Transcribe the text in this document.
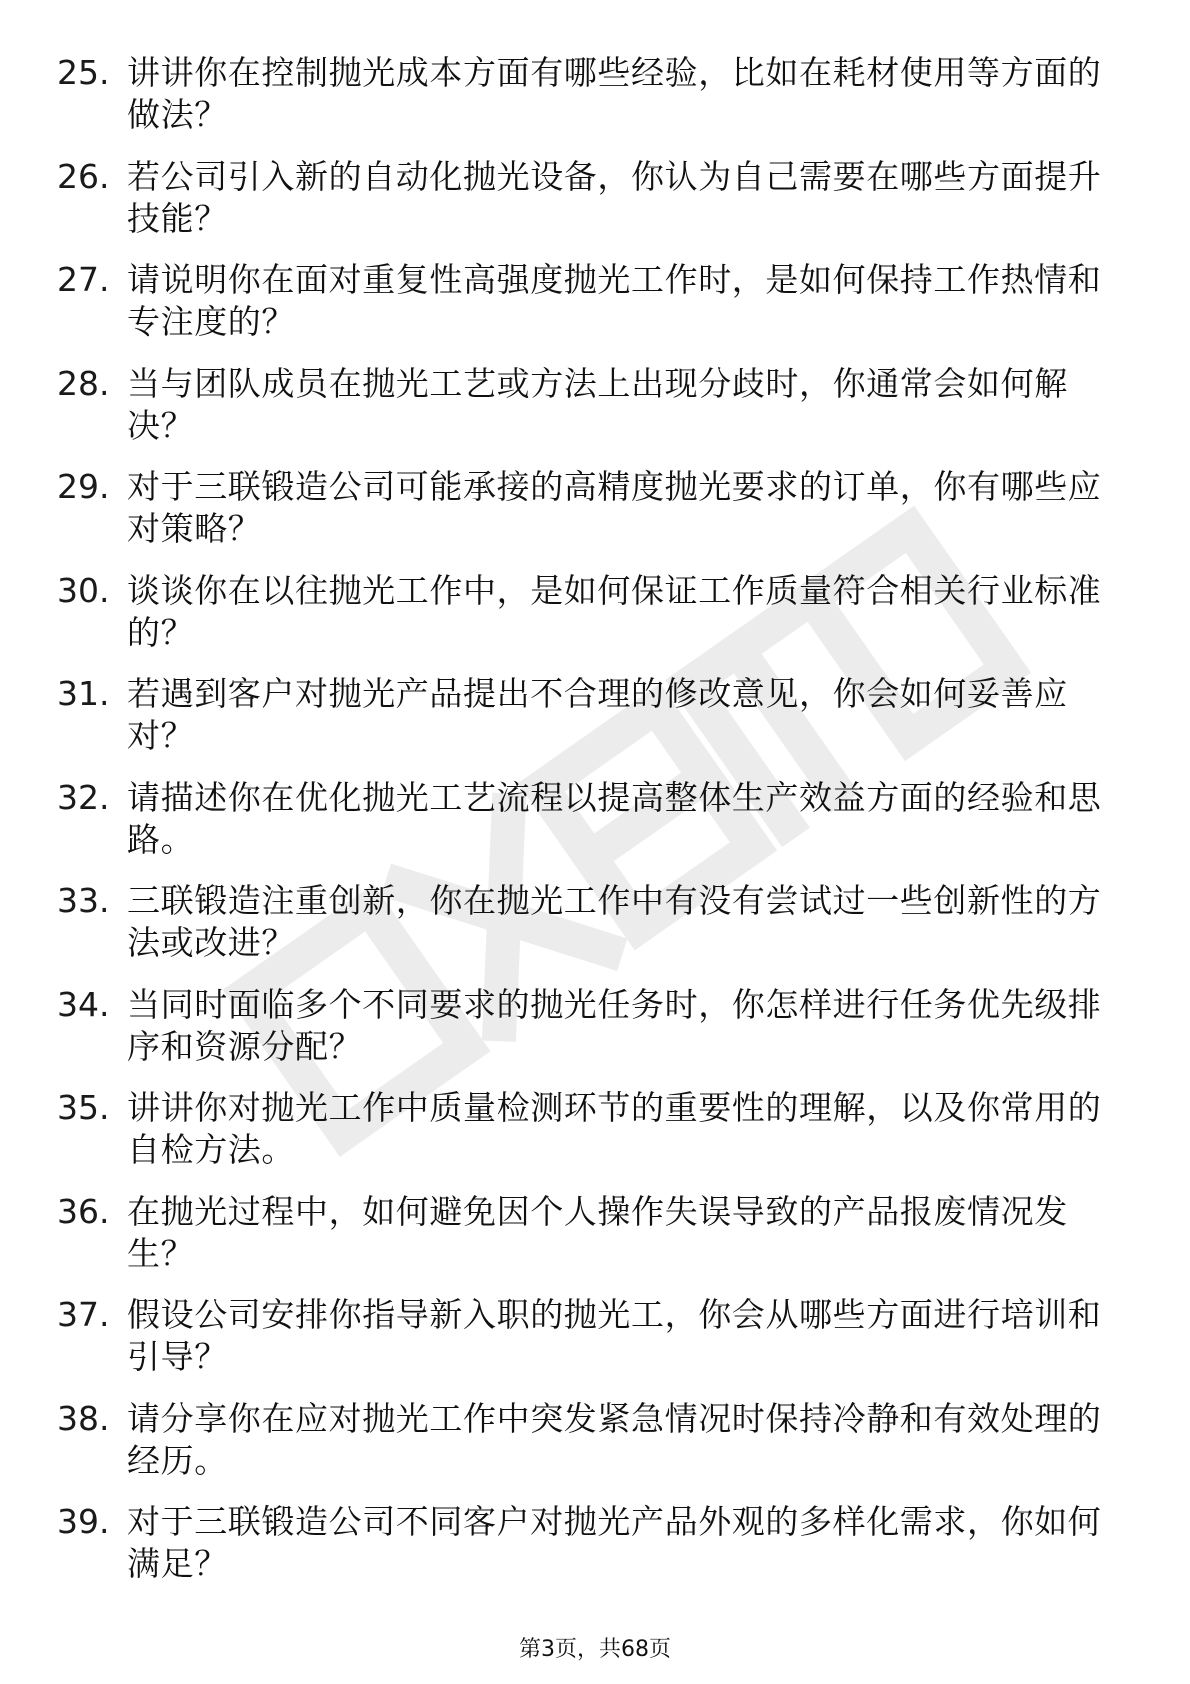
25. 讲讲你在控制抛光成本方面有哪些经验，比如在耗材使用等方面的做法？
26. 若公司引入新的自动化抛光设备，你认为自己需要在哪些方面提升技能？
27. 请说明你在面对重复性高强度抛光工作时，是如何保持工作热情和专注度的？
28. 当与团队成员在抛光工艺或方法上出现分歧时，你通常会如何解决？
29. 对于三联锻造公司可能承接的高精度抛光要求的订单，你有哪些应对策略？
30. 谈谈你在以往抛光工作中，是如何保证工作质量符合相关行业标准的？
31. 若遇到客户对抛光产品提出不合理的修改意见，你会如何妥善应对？
32. 请描述你在优化抛光工艺流程以提高整体生产效益方面的经验和思路。
33. 三联锻造注重创新，你在抛光工作中有没有尝试过一些创新性的方法或改进？
34. 当同时面临多个不同要求的抛光任务时，你怎样进行任务优先级排序和资源分配？
35. 讲讲你对抛光工作中质量检测环节的重要性的理解，以及你常用的自检方法。
36. 在抛光过程中，如何避免因个人操作失误导致的产品报废情况发生？
37. 假设公司安排你指导新入职的抛光工，你会从哪些方面进行培训和引导？
38. 请分享你在应对抛光工作中突发紧急情况时保持冷静和有效处理的经历。
39. 对于三联锻造公司不同客户对抛光产品外观的多样化需求，你如何满足？
第3页，共68页
